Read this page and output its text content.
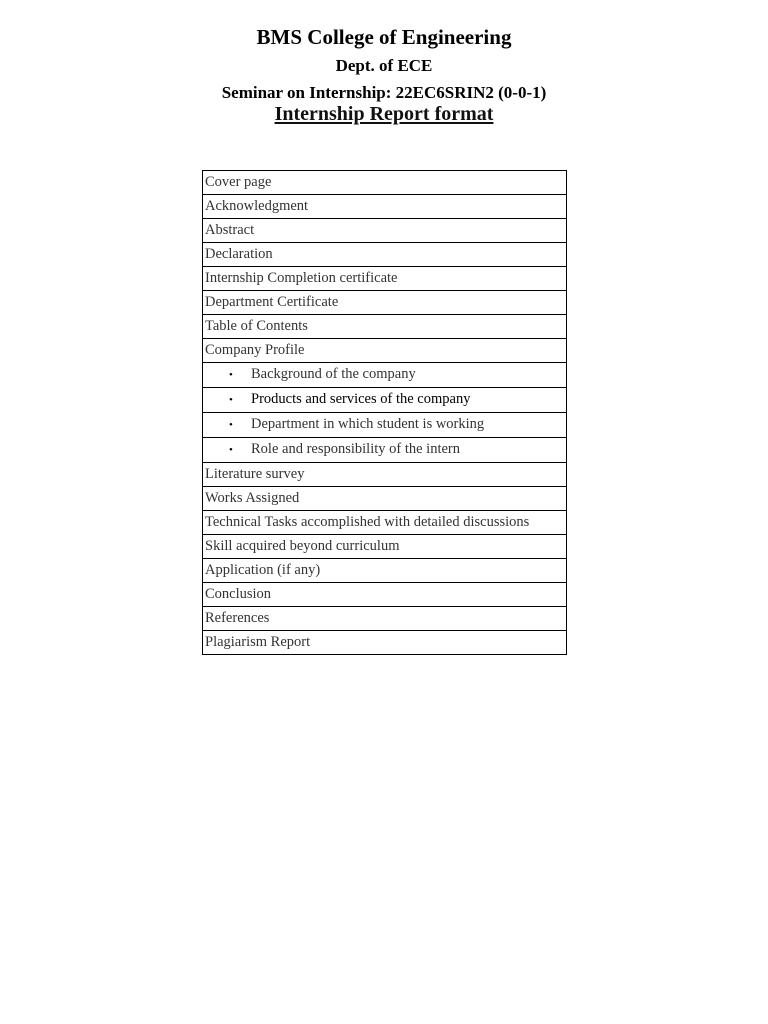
BMS College of Engineering
Dept. of ECE
Seminar on Internship: 22EC6SRIN2 (0-0-1)
Internship Report format
Cover page
Acknowledgment
Abstract
Declaration
Internship Completion certificate
Department Certificate
Table of Contents
Company Profile
• Background of the company
• Products and services of the company
• Department in which student is working
• Role and responsibility of the intern
Literature survey
Works Assigned
Technical Tasks accomplished with detailed discussions
Skill acquired beyond curriculum
Application (if any)
Conclusion
References
Plagiarism Report
